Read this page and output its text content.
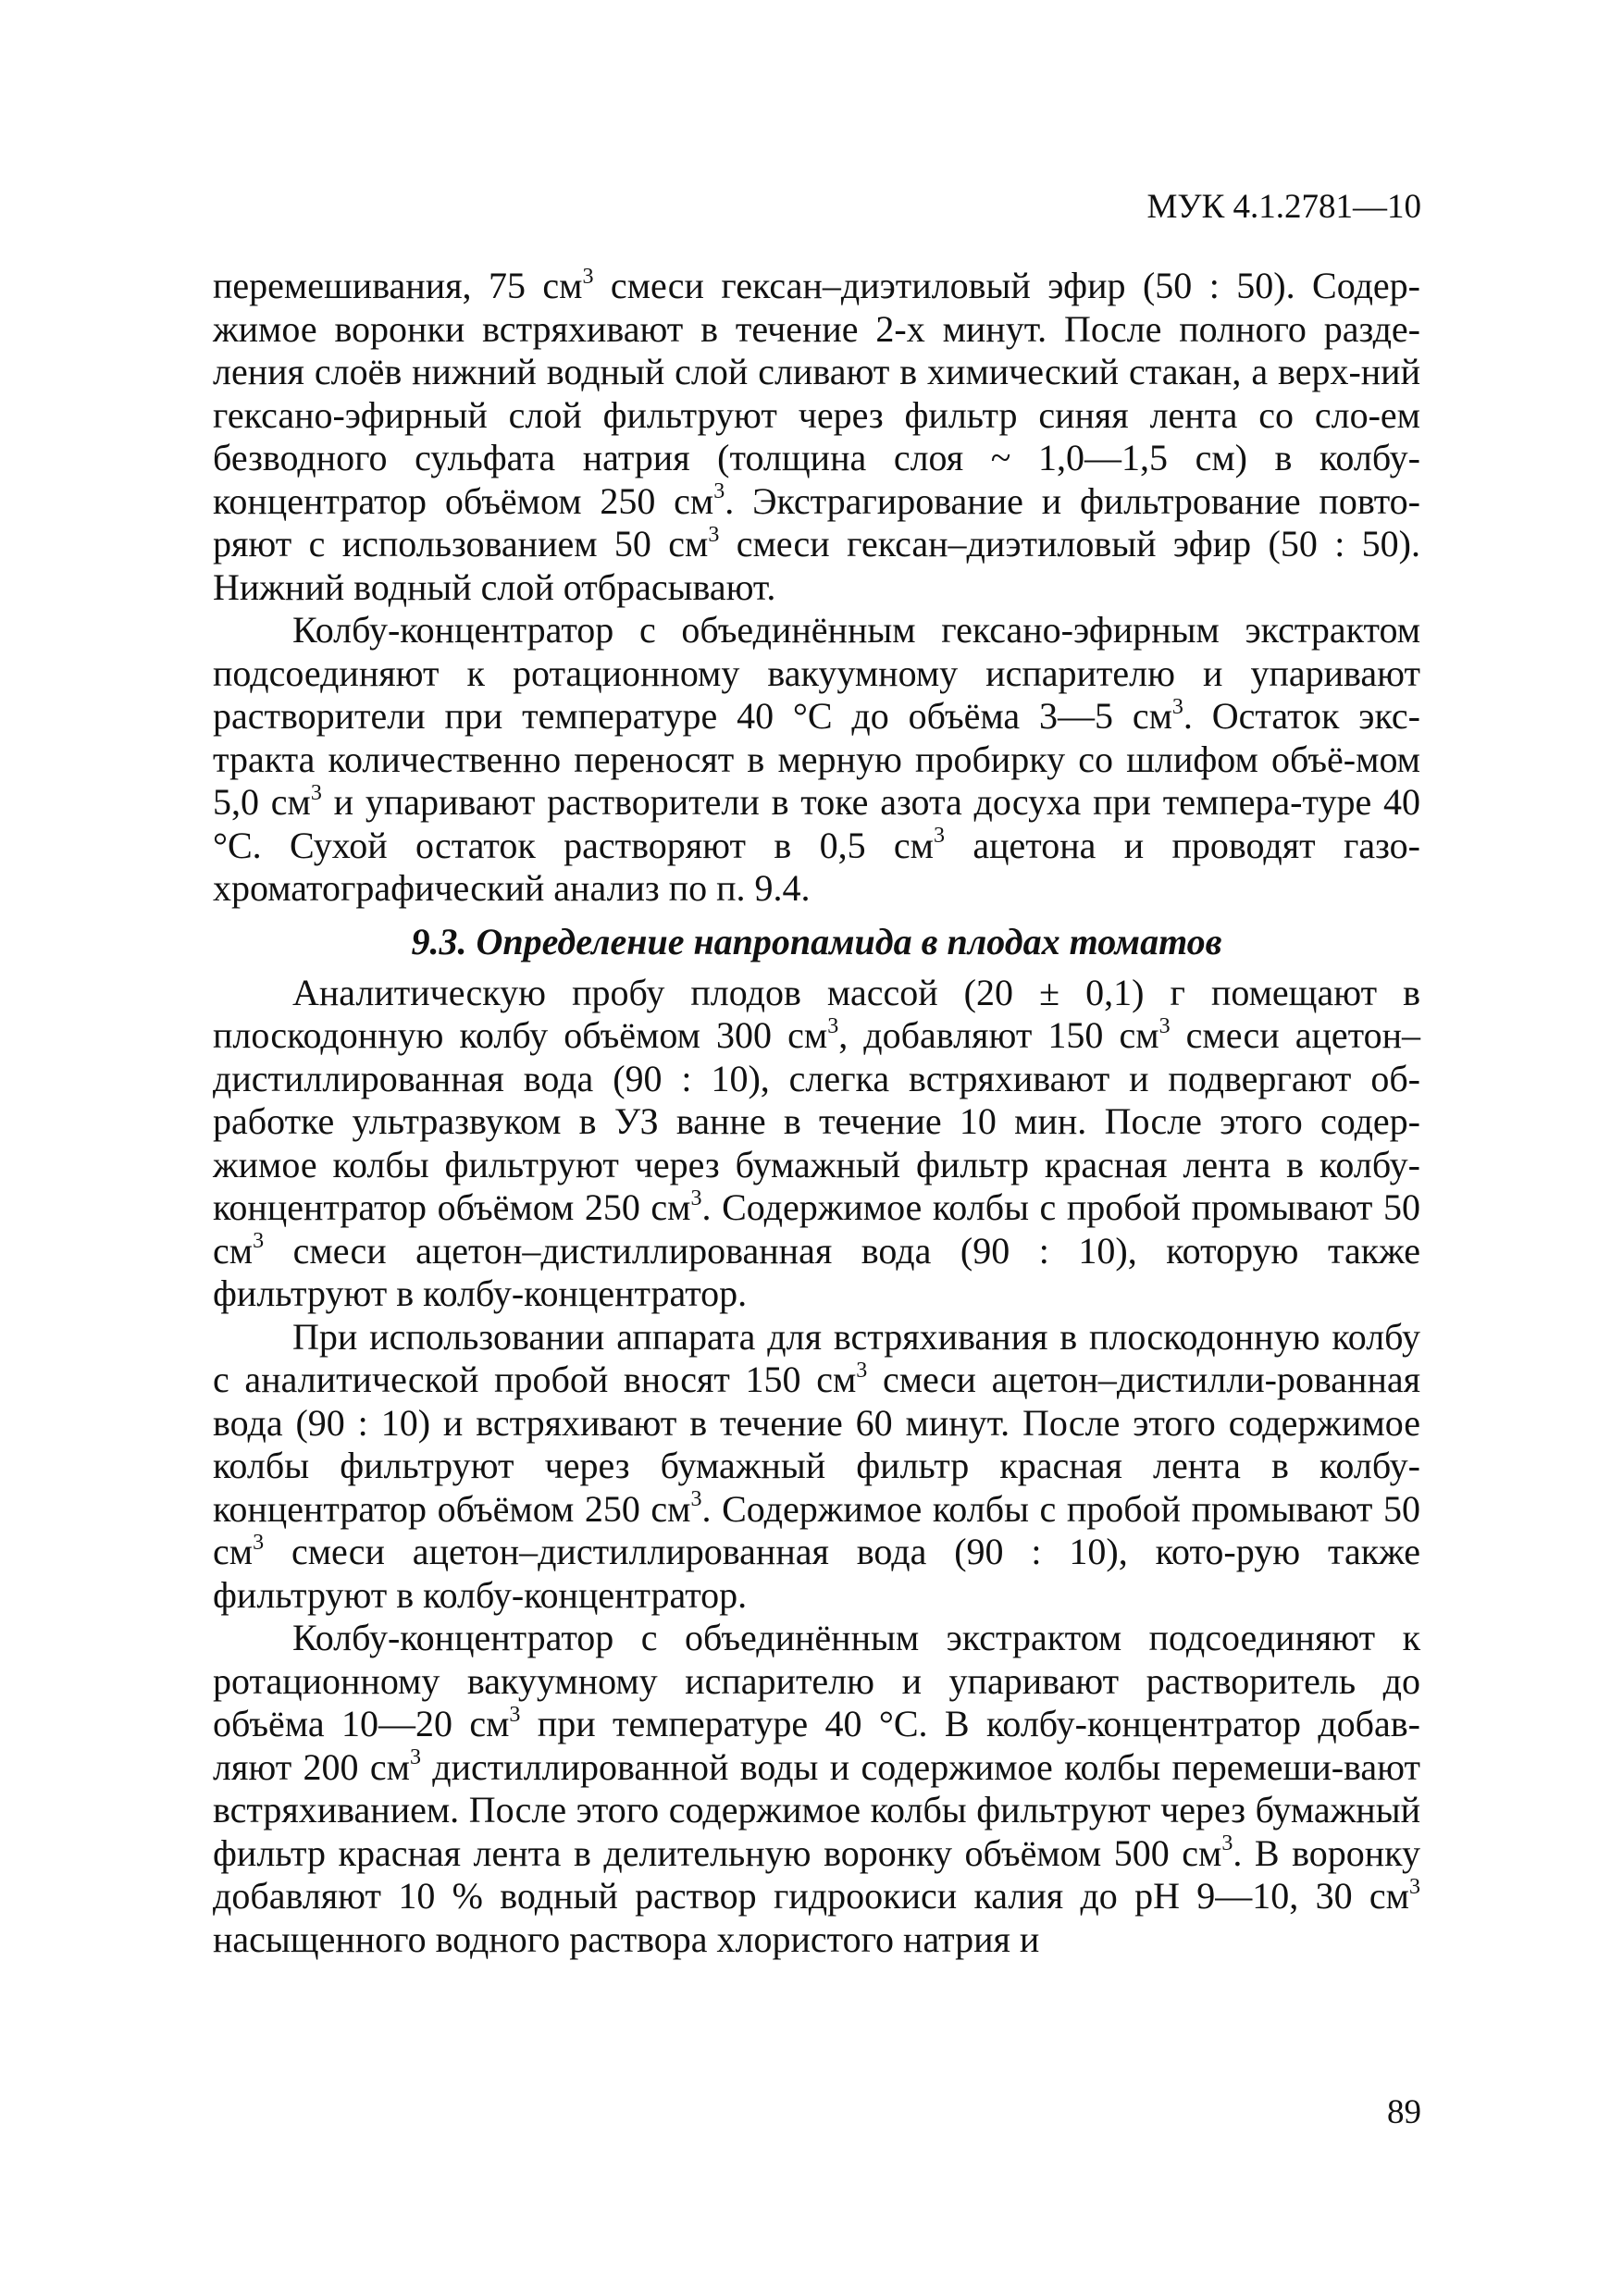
МУК 4.1.2781—10

перемешивания, 75 $см^3$ смеси гексан–диэтиловый эфир (50 : 50). Содер-жимое воронки встряхивают в течение 2-х минут. После полного разде-ления слоёв нижний водный слой сливают в химический стакан, а верх-ний гексано-эфирный слой фильтруют через фильтр синяя лента со сло-ем безводного сульфата натрия (толщина слоя ~ 1,0—1,5 см) в колбу-концентратор объёмом 250 $см^3$. Экстрагирование и фильтрование повто-ряют с использованием 50 $см^3$ смеси гексан–диэтиловый эфир (50 : 50). Нижний водный слой отбрасывают.

Колбу-концентратор с объединённым гексано-эфирным экстрактом подсоединяют к ротационному вакуумному испарителю и упаривают растворители при температуре 40 °С до объёма 3—5 $см^3$. Остаток экс-тракта количественно переносят в мерную пробирку со шлифом объё-мом 5,0 $см^3$ и упаривают растворители в токе азота досуха при темпера-туре 40 °С. Сухой остаток растворяют в 0,5 $см^3$ ацетона и проводят газо-хроматографический анализ по п. 9.4.

9.3. Определение напропамида в плодах томатов

Аналитическую пробу плодов массой (20 ± 0,1) г помещают в плоскодонную колбу объёмом 300 $см^3$, добавляют 150 $см^3$ смеси ацетон–дистиллированная вода (90 : 10), слегка встряхивают и подвергают об-работке ультразвуком в УЗ ванне в течение 10 мин. После этого содер-жимое колбы фильтруют через бумажный фильтр красная лента в колбу-концентратор объёмом 250 $см^3$. Содержимое колбы с пробой промывают 50 $см^3$ смеси ацетон–дистиллированная вода (90 : 10), которую также фильтруют в колбу-концентратор.

При использовании аппарата для встряхивания в плоскодонную колбу с аналитической пробой вносят 150 $см^3$ смеси ацетон–дистилли-рованная вода (90 : 10) и встряхивают в течение 60 минут. После этого содержимое колбы фильтруют через бумажный фильтр красная лента в колбу-концентратор объёмом 250 $см^3$. Содержимое колбы с пробой промывают 50 $см^3$ смеси ацетон–дистиллированная вода (90 : 10), кото-рую также фильтруют в колбу-концентратор.

Колбу-концентратор с объединённым экстрактом подсоединяют к ротационному вакуумному испарителю и упаривают растворитель до объёма 10—20 $см^3$ при температуре 40 °С. В колбу-концентратор добав-ляют 200 $см^3$ дистиллированной воды и содержимое колбы перемеши-вают встряхиванием. После этого содержимое колбы фильтруют через бумажный фильтр красная лента в делительную воронку объёмом 500 $см^3$. В воронку добавляют 10 % водный раствор гидроокиси калия до рН 9—10, 30 $см^3$ насыщенного водного раствора хлористого натрия и

89
